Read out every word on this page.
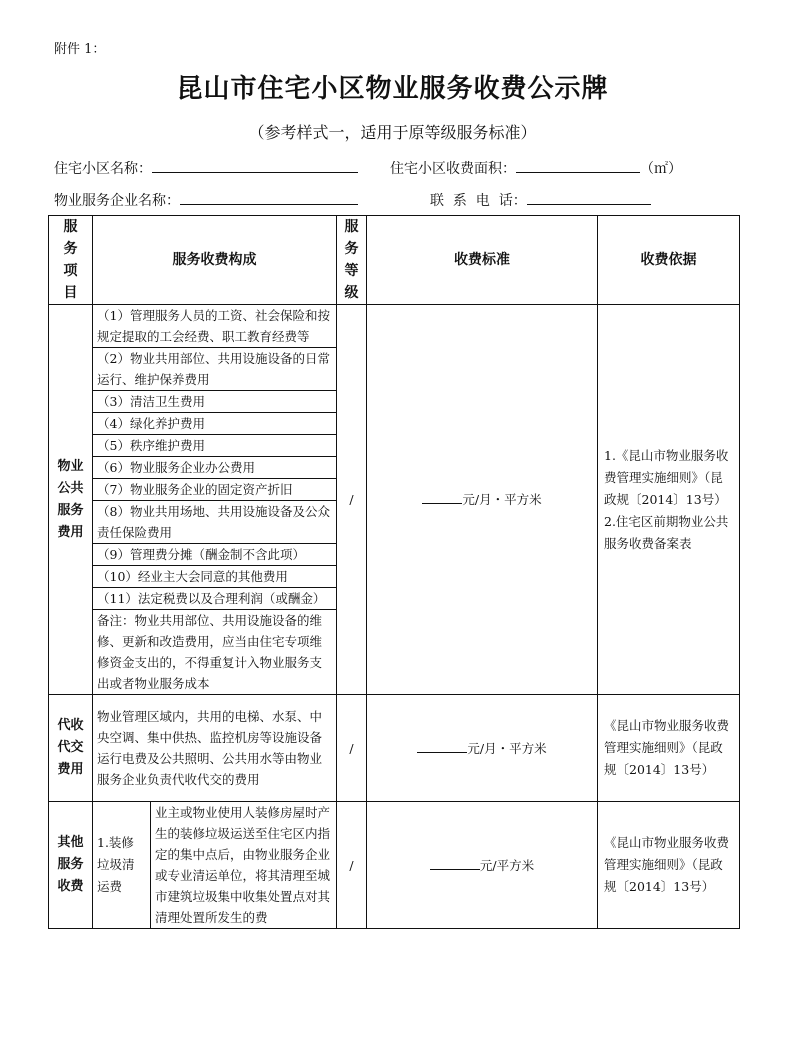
附件 1：
昆山市住宅小区物业服务收费公示牌
（参考样式一，适用于原等级服务标准）
住宅小区名称：	住宅小区收费面积：	（㎡）
物业服务企业名称：	联  系  电  话：
服
务
项
目	服务收费构成		服
务
等
级	收费标准	收费依据
物业
公共
服务
费用	（1）管理服务人员的工资、社会保险和按规定提取的工会经费、职工教育经费等		/	元/月・平方米	1.《昆山市物业服务收费管理实施细则》（昆政规〔2014〕13号）
2.住宅区前期物业公共服务收费备案表
	（2）物业共用部位、共用设施设备的日常运行、维护保养费用				
	（3）清洁卫生费用				
	（4）绿化养护费用				
	（5）秩序维护费用				
	（6）物业服务企业办公费用				
	（7）物业服务企业的固定资产折旧				
	（8）物业共用场地、共用设施设备及公众责任保险费用				
	（9）管理费分摊（酬金制不含此项）				
	（10）经业主大会同意的其他费用				
	（11）法定税费以及合理利润（或酬金）				
	备注：物业共用部位、共用设施设备的维修、更新和改造费用，应当由住宅专项维修资金支出的，不得重复计入物业服务支出或者物业服务成本				
代收
代交
费用	物业管理区域内，共用的电梯、水泵、中央空调、集中供热、监控机房等设施设备运行电费及公共照明、公共用水等由物业服务企业负责代收代交的费用		/	元/月・平方米	《昆山市物业服务收费管理实施细则》（昆政规〔2014〕13号）
其他
服务
收费	1.装修垃圾清运费	业主或物业使用人装修房屋时产生的装修垃圾运送至住宅区内指定的集中点后，由物业服务企业或专业清运单位，将其清理至城市建筑垃圾集中收集处置点对其清理处置所发生的费	/	元/平方米	《昆山市物业服务收费管理实施细则》（昆政规〔2014〕13号）
